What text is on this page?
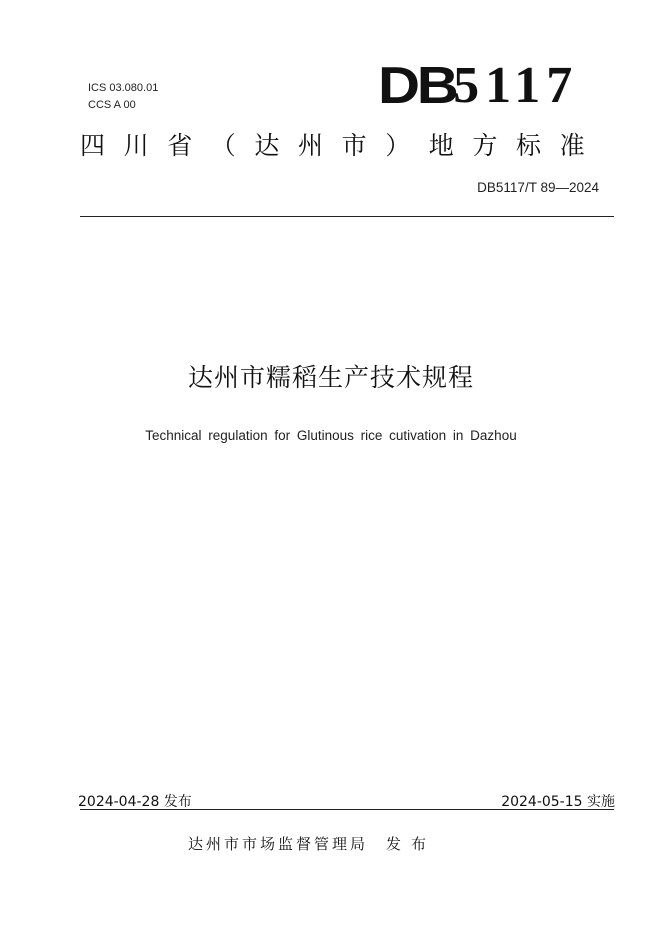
ICS 03.080.01
CCS A 00	DB
5117
四川省（达州市）地方标准
DB5117/T 89—2024
达州市糯稻生产技术规程
Technical regulation for Glutinous rice cutivation in Dazhou
2024-04-28 发布	2024-05-15 实施
达州市市场监督管理局 发布
